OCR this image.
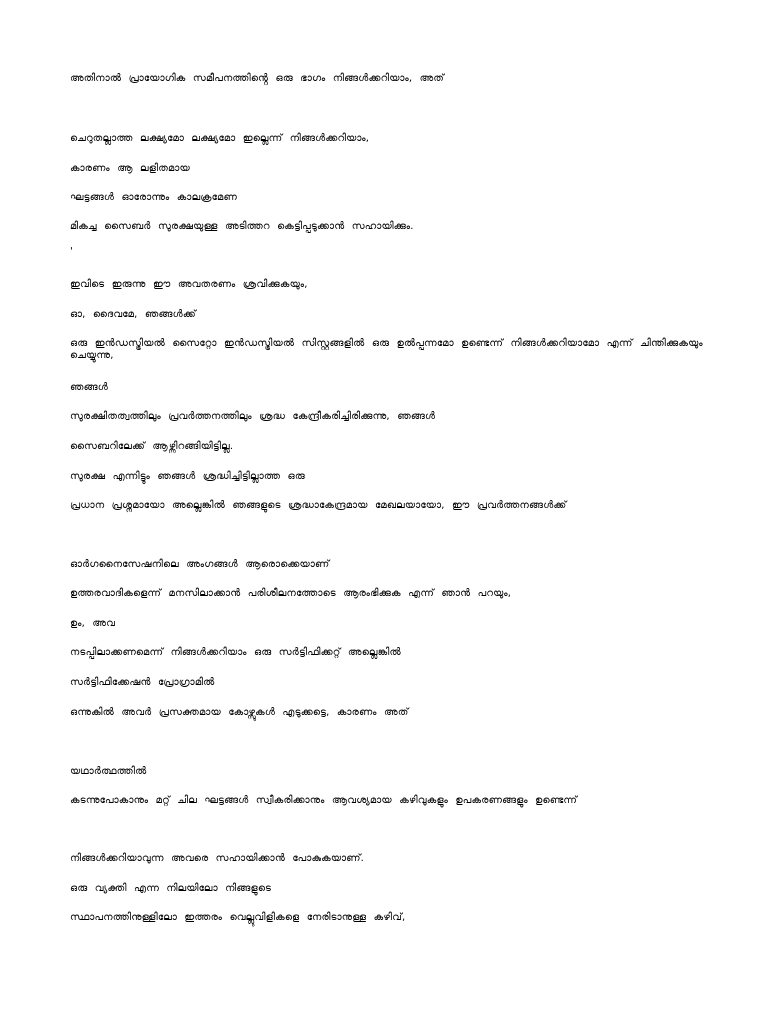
അതിനാൽ പ്രായോഗിക സമീപനത്തിൻ്റെ ഒരു ഭാഗം നിങ്ങൾക്കറിയാം, അത്
ചെറുതല്ലാത്ത ലക്ഷ്യമോ ലക്ഷ്യമോ ഇല്ലെന്ന് നിങ്ങൾക്കറിയാം,
കാരണം ആ ലളിതമായ
ഘട്ടങ്ങൾ ഓരോന്നും കാലക്രമേണ
മികച്ച സൈബർ സുരക്ഷയുള്ള അടിത്തറ കെട്ടിപ്പടുക്കാൻ സഹായിക്കും.
'
ഇവിടെ ഇരുന്നു ഈ അവതരണം ശ്രവിക്കുകയും,
ഓ, ദൈവമേ, ഞങ്ങൾക്ക്
ഒരു ഇൻഡസ്ട്രിയൽ സൈറ്റോ ഇൻഡസ്ട്രിയൽ സിസ്റ്റങ്ങളിൽ ഒരു ഉൽപ്പന്നമോ ഉണ്ടെന്ന് നിങ്ങൾക്കറിയാമോ എന്ന് ചിന്തിക്കുകയും ചെയ്യുന്നു,
ഞങ്ങൾ
സുരക്ഷിതത്വത്തിലും പ്രവർത്തനത്തിലും ശ്രദ്ധ കേന്ദ്രീകരിച്ചിരിക്കുന്നു, ഞങ്ങൾ
സൈബറിലേക്ക് ആഴ്ന്നിറങ്ങിയിട്ടില്ല.
സുരക്ഷ എന്നിട്ടും ഞങ്ങൾ ശ്രദ്ധിച്ചിട്ടില്ലാത്ത ഒരു
പ്രധാന പ്രശ്നമായോ അല്ലെങ്കിൽ ഞങ്ങളുടെ ശ്രദ്ധാകേന്ദ്രമായ മേഖലയായോ, ഈ പ്രവർത്തനങ്ങൾക്ക്
ഓർഗനൈസേഷനിലെ അംഗങ്ങൾ ആരൊക്കെയാണ്
ഉത്തരവാദികളെന്ന് മനസിലാക്കാൻ പരിശീലനത്തോടെ ആരംഭിക്കുക എന്ന് ഞാൻ പറയും,
ഉം, അവ
നടപ്പിലാക്കണമെന്ന് നിങ്ങൾക്കറിയാം ഒരു സർട്ടിഫിക്കറ്റ് അല്ലെങ്കിൽ
സർട്ടിഫിക്കേഷൻ പ്രോഗ്രാമിൽ
ഒന്നുകിൽ അവർ പ്രസക്തമായ കോഴ്സുകൾ എടുക്കട്ടെ, കാരണം അത്
യഥാർത്ഥത്തിൽ
കടന്നുപോകാനും മറ്റ് ചില ഘട്ടങ്ങൾ സ്വീകരിക്കാനും ആവശ്യമായ കഴിവുകളും ഉപകരണങ്ങളും ഉണ്ടെന്ന്
നിങ്ങൾക്കറിയാവുന്ന അവരെ സഹായിക്കാൻ പോകുകയാണ്.
ഒരു വ്യക്തി എന്ന നിലയിലോ നിങ്ങളുടെ
സ്ഥാപനത്തിനുള്ളിലോ ഇത്തരം വെല്ലുവിളികളെ നേരിടാനുള്ള കഴിവ്,
